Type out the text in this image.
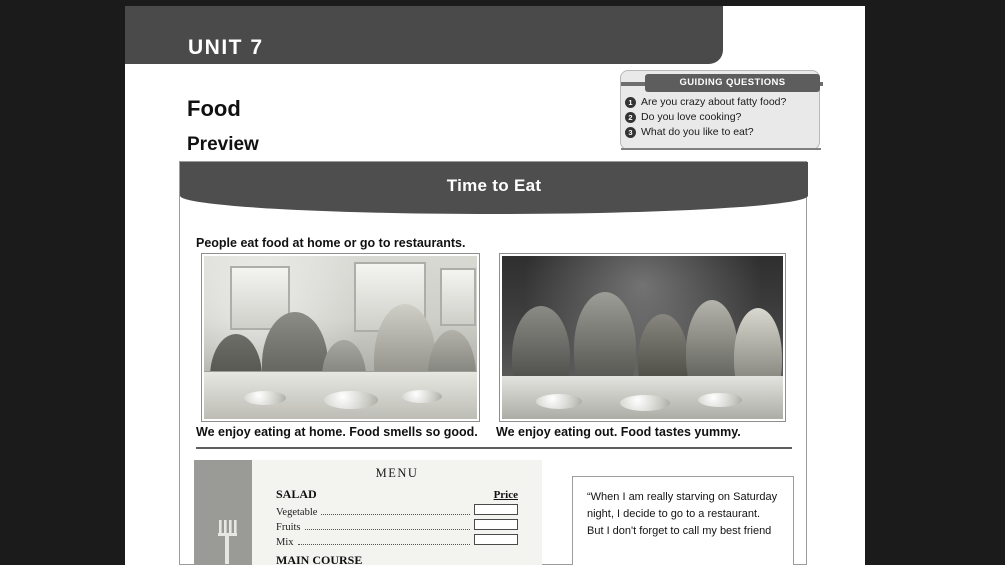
UNIT 7
Food
Preview
GUIDING QUESTIONS
1 Are you crazy about fatty food?
2 Do you love cooking?
3 What do you like to eat?
Time to Eat
People eat food at home or go to restaurants.
We enjoy eating at home. Food smells so good.	We enjoy eating out. Food tastes yummy.
MENU
SALAD	Price
Vegetable
Fruits
Mix
MAIN COURSE
“When I am really starving on Saturday night, I decide to go to a restaurant. But I don't forget to call my best friend
